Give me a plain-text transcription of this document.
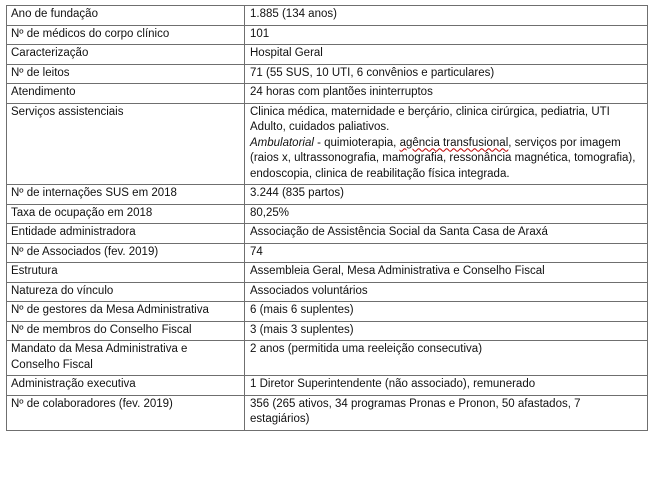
Ano de fundação	1.885 (134 anos)
Nº de médicos do corpo clínico	101
Caracterização	Hospital Geral
Nº de leitos	71 (55 SUS, 10 UTI, 6 convênios e particulares)
Atendimento	24 horas com plantões ininterruptos
Serviços assistenciais	Clinica médica, maternidade e berçário, clinica cirúrgica, pediatria, UTI Adulto, cuidados paliativos.
Ambulatorial - quimioterapia, agência transfusional, serviços por imagem (raios x, ultrassonografia, mamografia, ressonância magnética, tomografia), endoscopia, clinica de reabilitação física integrada.

Nº de internações SUS em 2018	3.244 (835 partos)
Taxa de ocupação em 2018	80,25%
Entidade administradora	Associação de Assistência Social da Santa Casa de Araxá
Nº de Associados (fev. 2019)	74
Estrutura	Assembleia Geral, Mesa Administrativa e Conselho Fiscal
Natureza do vínculo	Associados voluntários
Nº de gestores da Mesa Administrativa	6 (mais 6 suplentes)
Nº de membros do Conselho Fiscal	3 (mais 3 suplentes)
Mandato da Mesa Administrativa e Conselho Fiscal	2 anos (permitida uma reeleição consecutiva)
Administração executiva	1 Diretor Superintendente (não associado), remunerado
Nº de colaboradores (fev. 2019)	356 (265 ativos, 34 programas Pronas e Pronon, 50 afastados, 7 estagiários)
